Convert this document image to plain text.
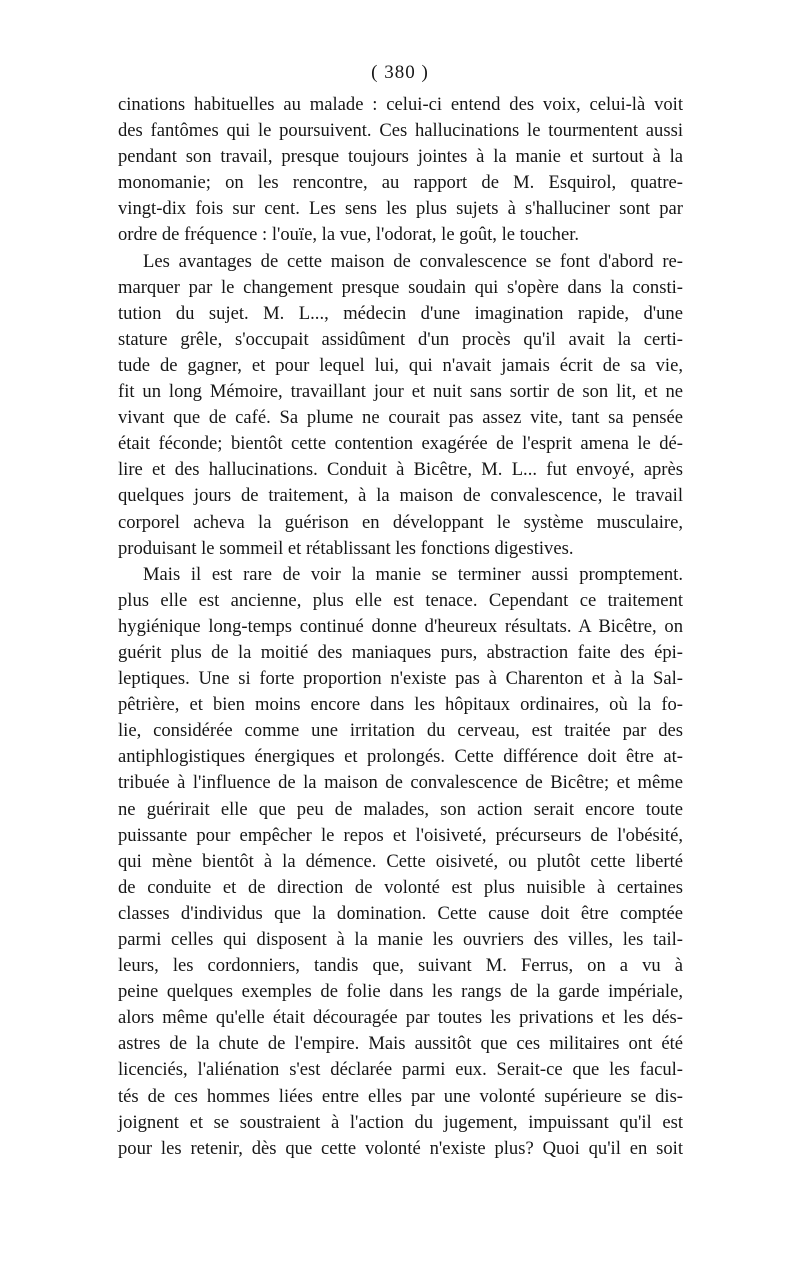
( 380 )
cinations habituelles au malade : celui-ci entend des voix, celui-là voit
des fantômes qui le poursuivent. Ces hallucinations le tourmentent aussi
pendant son travail, presque toujours jointes à la manie et surtout à la
monomanie; on les rencontre, au rapport de M. Esquirol, quatre-
vingt-dix fois sur cent. Les sens les plus sujets à s'halluciner sont par
ordre de fréquence : l'ouïe, la vue, l'odorat, le goût, le toucher.
Les avantages de cette maison de convalescence se font d'abord re-
marquer par le changement presque soudain qui s'opère dans la consti-
tution du sujet. M. L..., médecin d'une imagination rapide, d'une
stature grêle, s'occupait assidûment d'un procès qu'il avait la certi-
tude de gagner, et pour lequel lui, qui n'avait jamais écrit de sa vie,
fit un long Mémoire, travaillant jour et nuit sans sortir de son lit, et ne
vivant que de café. Sa plume ne courait pas assez vite, tant sa pensée
était féconde; bientôt cette contention exagérée de l'esprit amena le dé-
lire et des hallucinations. Conduit à Bicêtre, M. L... fut envoyé, après
quelques jours de traitement, à la maison de convalescence, le travail
corporel acheva la guérison en développant le système musculaire,
produisant le sommeil et rétablissant les fonctions digestives.
Mais il est rare de voir la manie se terminer aussi promptement.
plus elle est ancienne, plus elle est tenace. Cependant ce traitement
hygiénique long-temps continué donne d'heureux résultats. A Bicêtre, on
guérit plus de la moitié des maniaques purs, abstraction faite des épi-
leptiques. Une si forte proportion n'existe pas à Charenton et à la Sal-
pêtrière, et bien moins encore dans les hôpitaux ordinaires, où la fo-
lie, considérée comme une irritation du cerveau, est traitée par des
antiphlogistiques énergiques et prolongés. Cette différence doit être at-
tribuée à l'influence de la maison de convalescence de Bicêtre; et même
ne guérirait elle que peu de malades, son action serait encore toute
puissante pour empêcher le repos et l'oisiveté, précurseurs de l'obésité,
qui mène bientôt à la démence. Cette oisiveté, ou plutôt cette liberté
de conduite et de direction de volonté est plus nuisible à certaines
classes d'individus que la domination. Cette cause doit être comptée
parmi celles qui disposent à la manie les ouvriers des villes, les tail-
leurs, les cordonniers, tandis que, suivant M. Ferrus, on a vu à
peine quelques exemples de folie dans les rangs de la garde impériale,
alors même qu'elle était découragée par toutes les privations et les dés-
astres de la chute de l'empire. Mais aussitôt que ces militaires ont été
licenciés, l'aliénation s'est déclarée parmi eux. Serait-ce que les facul-
tés de ces hommes liées entre elles par une volonté supérieure se dis-
joignent et se soustraient à l'action du jugement, impuissant qu'il est
pour les retenir, dès que cette volonté n'existe plus? Quoi qu'il en soit
